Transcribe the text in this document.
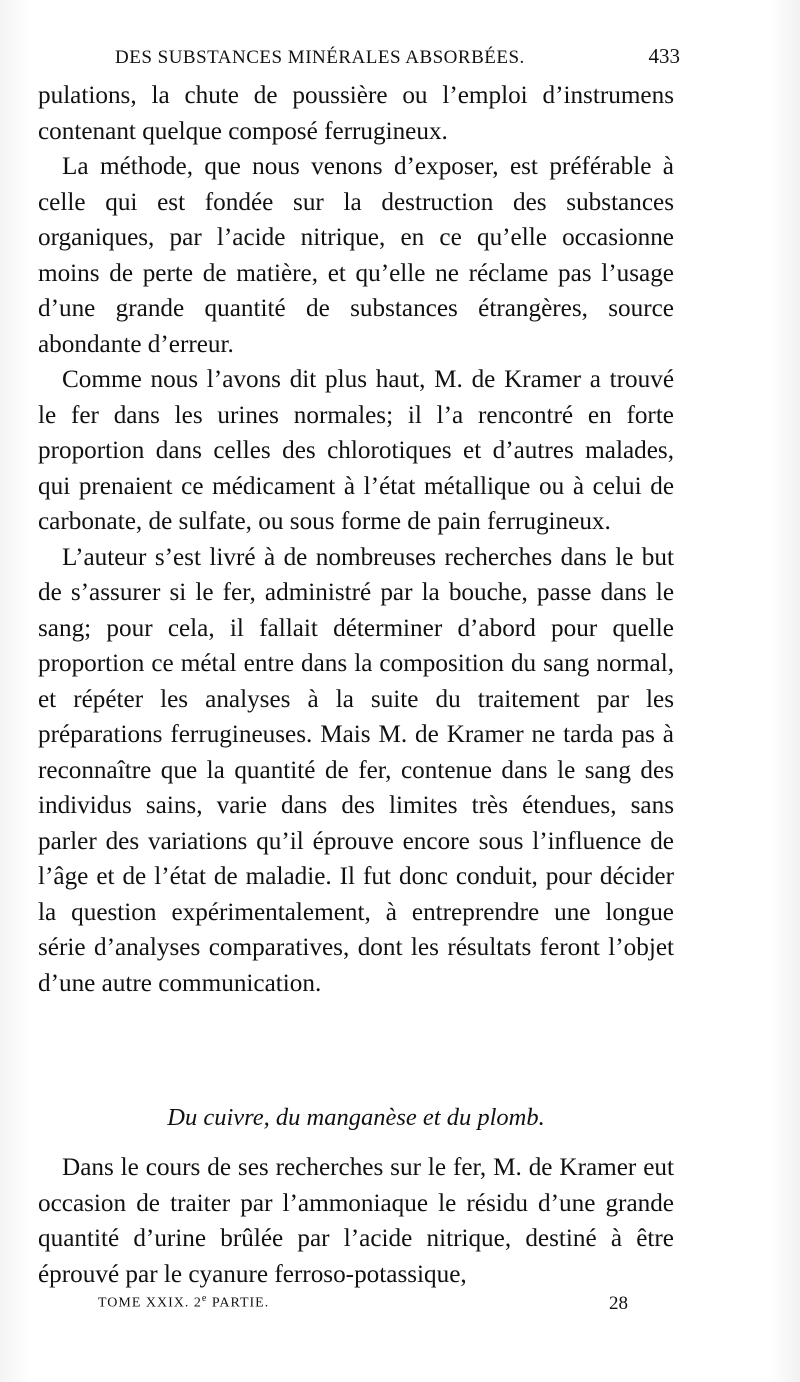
DES SUBSTANCES MINÉRALES ABSORBÉES.	433

pulations, la chute de poussière ou l’emploi d’instrumens contenant quelque composé ferrugineux.

La méthode, que nous venons d’exposer, est préférable à celle qui est fondée sur la destruction des substances organiques, par l’acide nitrique, en ce qu’elle occasionne moins de perte de matière, et qu’elle ne réclame pas l’usage d’une grande quantité de substances étrangères, source abondante d’erreur.

Comme nous l’avons dit plus haut, M. de Kramer a trouvé le fer dans les urines normales; il l’a rencontré en forte proportion dans celles des chlorotiques et d’autres malades, qui prenaient ce médicament à l’état métallique ou à celui de carbonate, de sulfate, ou sous forme de pain ferrugineux.

L’auteur s’est livré à de nombreuses recherches dans le but de s’assurer si le fer, administré par la bouche, passe dans le sang; pour cela, il fallait déterminer d’abord pour quelle proportion ce métal entre dans la composition du sang normal, et répéter les analyses à la suite du traitement par les préparations ferrugineuses. Mais M. de Kramer ne tarda pas à reconnaître que la quantité de fer, contenue dans le sang des individus sains, varie dans des limites très étendues, sans parler des variations qu’il éprouve encore sous l’influence de l’âge et de l’état de maladie. Il fut donc conduit, pour décider la question expérimentalement, à entreprendre une longue série d’analyses comparatives, dont les résultats feront l’objet d’une autre communication.

Du cuivre, du manganèse et du plomb.

Dans le cours de ses recherches sur le fer, M. de Kramer eut occasion de traiter par l’ammoniaque le résidu d’une grande quantité d’urine brûlée par l’acide nitrique, destiné à être éprouvé par le cyanure ferroso-potassique,

TOME XXIX. 2e PARTIE.	28
